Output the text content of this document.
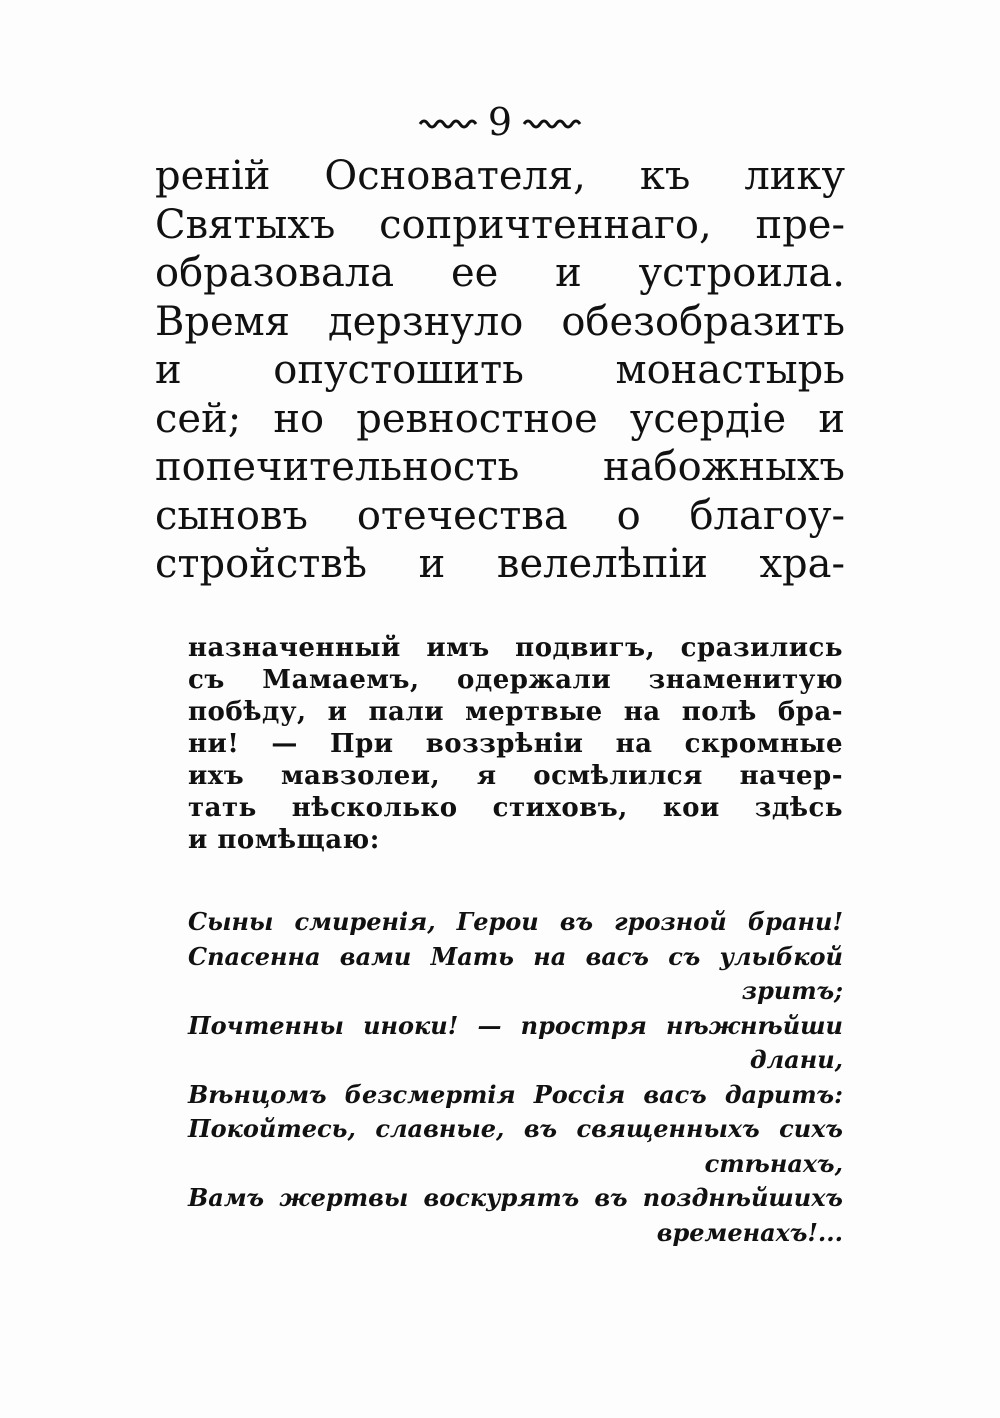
9
реній Основателя, къ лику
Святыхъ сопричтеннаго, пре-
образовала ее и устроила.
Время дерзнуло обезобразить
и опустошить монастырь
сей; но ревностное усердіе и
попечительность набожныхъ
сыновъ отечества о благоу-
стройствѣ и велелѣпіи хра-
назначенный имъ подвигъ, сразились
съ Мамаемъ, одержали знаменитую
побѣду, и пали мертвые на полѣ бра-
ни! — При воззрѣніи на скромные
ихъ мавзолеи, я осмѣлился начер-
тать нѣсколько стиховъ, кои здѣсь
и помѣщаю:
Сыны смиренія, Герои въ грозной брани!
Спасенна вами Мать на васъ съ улыбкой
зритъ;
Почтенны иноки! — простря нѣжнѣйши
длани,
Вѣнцомъ безсмертія Россія васъ даритъ:
Покойтесь, славные, въ священныхъ сихъ
стѣнахъ,
Вамъ жертвы воскурятъ въ позднѣйшихъ
временахъ!...
